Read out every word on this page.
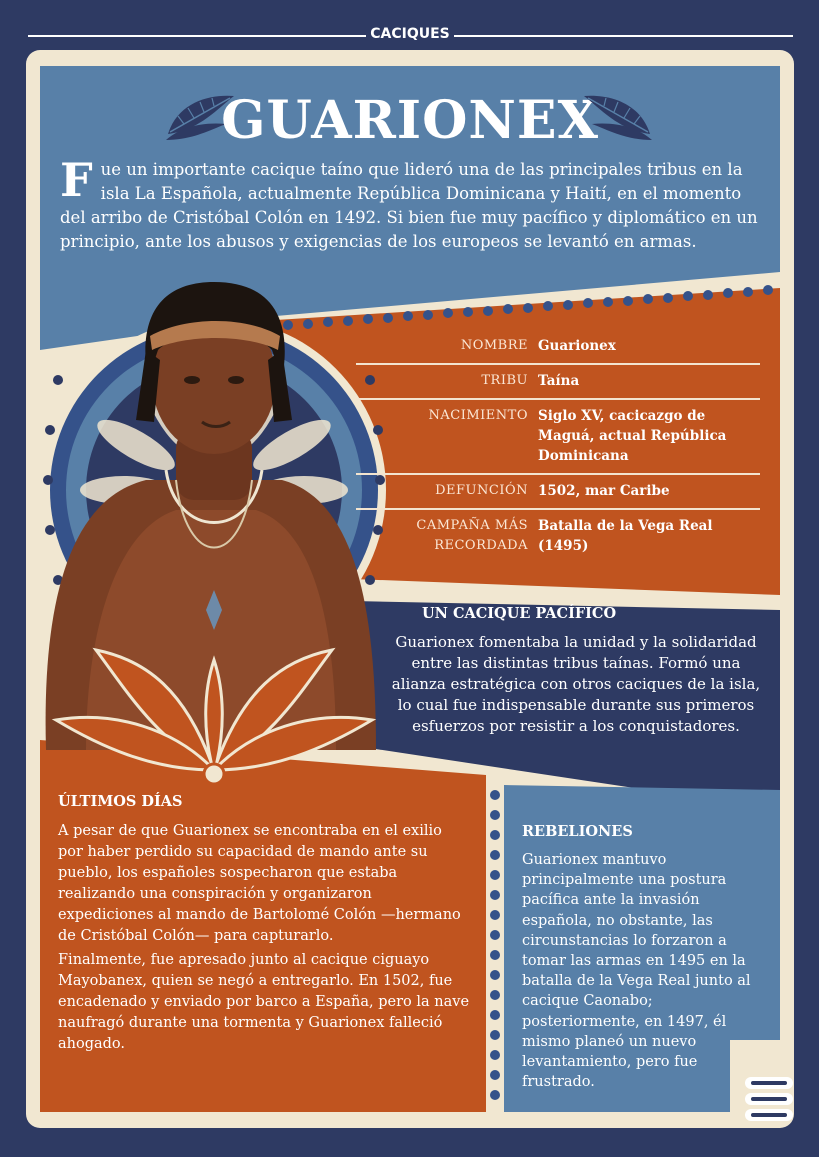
CACIQUES
GUARIONEX
F ue un importante cacique taíno que lideró una de las principales tribus en la isla La Española, actualmente República Dominicana y Haití, en el momento del arribo de Cristóbal Colón en 1492. Si bien fue muy pacífico y diplomático en un principio, ante los abusos y exigencias de los europeos se levantó en armas.
NOMBRE Guarionex
TRIBU Taína
NACIMIENTO Siglo XV, cacicazgo de Maguá, actual República Dominicana
DEFUNCIÓN 1502, mar Caribe
CAMPAÑA MÁS RECORDADA
Batalla de la Vega Real (1495)
UN CACIQUE PACÍFICO
Guarionex fomentaba la unidad y la solidaridad entre las distintas tribus taínas. Formó una alianza estratégica con otros caciques de la isla, lo cual fue indispensable durante sus primeros esfuerzos por resistir a los conquistadores.
ÚLTIMOS DÍAS

A pesar de que Guarionex se encontraba en el exilio por haber perdido su capacidad de mando ante su pueblo, los españoles sospecharon que estaba realizando una conspiración y organizaron expediciones al mando de Bartolomé Colón —hermano de Cristóbal Colón— para capturarlo.

Finalmente, fue apresado junto al cacique ciguayo Mayobanex, quien se negó a entregarlo. En 1502, fue encadenado y enviado por barco a España, pero la nave naufragó durante una tormenta y Guarionex falleció ahogado.

REBELIONES
Guarionex mantuvo principalmente una postura pacífica ante la invasión española, no obstante, las circunstancias lo forzaron a tomar las armas en 1495 en la batalla de la Vega Real junto al cacique Caonabo; posteriormente, en 1497, él mismo planeó un nuevo levantamiento, pero fue frustrado.
